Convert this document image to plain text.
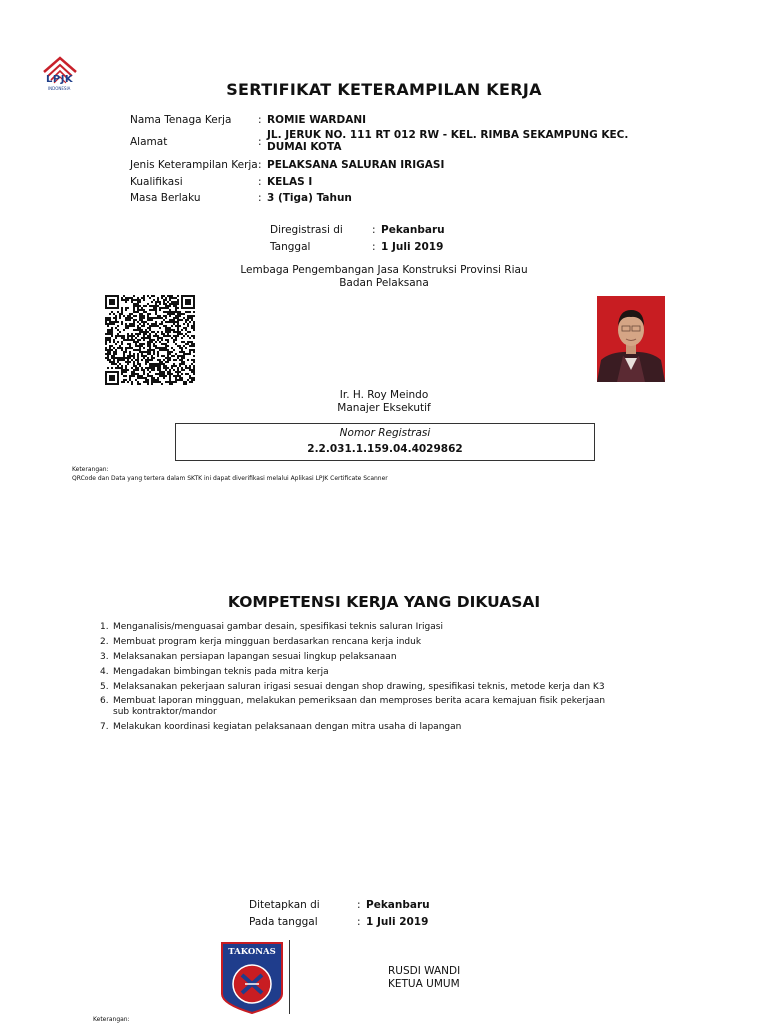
LPJK
INDONESIA	SERTIFIKAT KETERAMPILAN KERJA
Nama Tenaga Kerja	: ROMIE WARDANI
Alamat	:
JL. JERUK NO. 111 RT 012 RW - KEL. RIMBA SEKAMPUNG KEC. DUMAI KOTA
Jenis Keterampilan Kerja : PELAKSANA SALURAN IRIGASI
Kualifikasi	: KELAS I
Masa Berlaku	: 3 (Tiga) Tahun
Diregistrasi di	: Pekanbaru
Tanggal	: 1 Juli 2019
Lembaga Pengembangan Jasa Konstruksi Provinsi Riau
Badan Pelaksana
Ir. H. Roy Meindo
Manajer Eksekutif
Nomor Registrasi
2.2.031.1.159.04.4029862
Keterangan:
QRCode dan Data yang tertera dalam SKTK ini dapat diverifikasi melalui Aplikasi LPJK Certificate Scanner
KOMPETENSI KERJA YANG DIKUASAI
1. Menganalisis/menguasai gambar desain, spesifikasi teknis saluran Irigasi
2. Membuat program kerja mingguan berdasarkan rencana kerja induk
3. Melaksanakan persiapan lapangan sesuai lingkup pelaksanaan
4. Mengadakan bimbingan teknis pada mitra kerja
5. Melaksanakan pekerjaan saluran irigasi sesuai dengan shop drawing, spesifikasi teknis, metode kerja dan K3
6. Membuat laporan mingguan, melakukan pemeriksaan dan memproses berita acara kemajuan fisik pekerjaan sub kontraktor/mandor
7. Melakukan koordinasi kegiatan pelaksanaan dengan mitra usaha di lapangan
Ditetapkan di	: Pekanbaru
Pada tanggal	: 1 Juli 2019
TAKONAS
RUSDI WANDI
KETUA UMUM
Keterangan:
